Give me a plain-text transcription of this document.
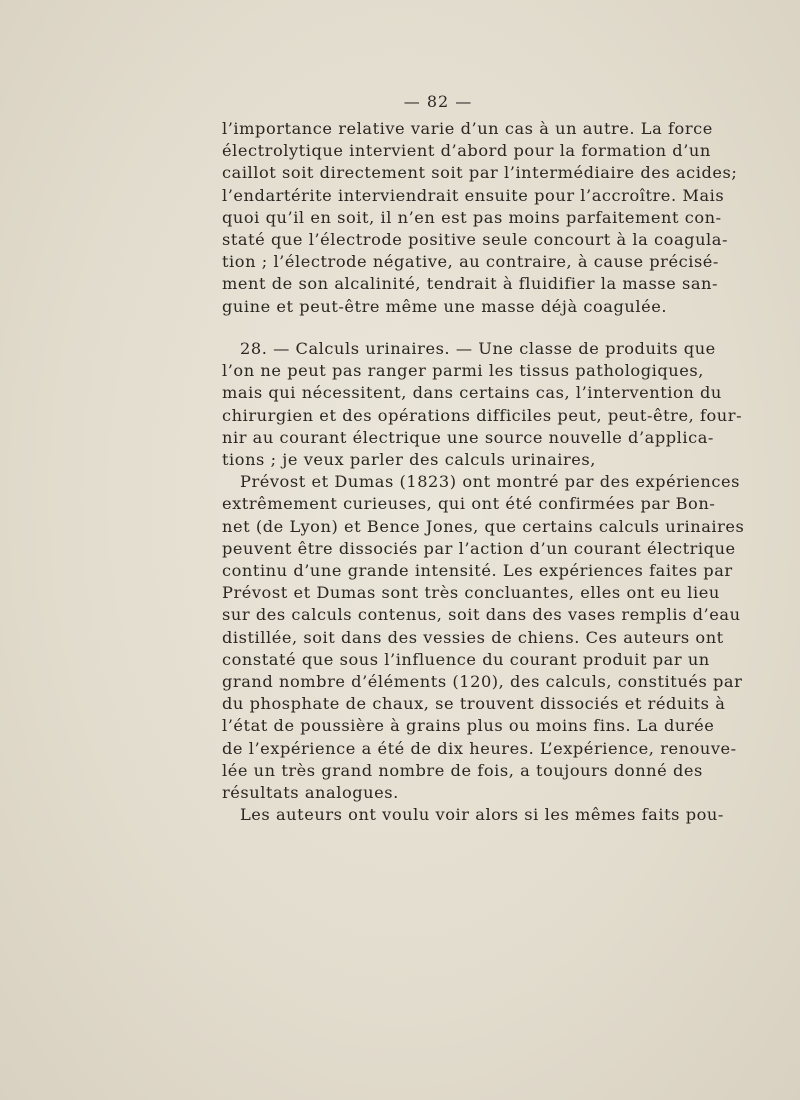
— 82 —
l’importance relative varie d’un cas à un autre. La force
électrolytique intervient d’abord pour la formation d’un
caillot soit directement soit par l’intermédiaire des acides;
l’endartérite interviendrait ensuite pour l’accroître. Mais
quoi qu’il en soit, il n’en est pas moins parfaitement con-
staté que l’électrode positive seule concourt à la coagula-
tion ; l’électrode négative, au contraire, à cause précisé-
ment de son alcalinité, tendrait à fluidifier la masse san-
guine et peut-être même une masse déjà coagulée.
28. — Calculs urinaires. — Une classe de produits que
l’on ne peut pas ranger parmi les tissus pathologiques,
mais qui nécessitent, dans certains cas, l’intervention du
chirurgien et des opérations difficiles peut, peut-être, four-
nir au courant électrique une source nouvelle d’applica-
tions ; je veux parler des calculs urinaires,
Prévost et Dumas (1823) ont montré par des expériences
extrêmement curieuses, qui ont été confirmées par Bon-
net (de Lyon) et Bence Jones, que certains calculs urinaires
peuvent être dissociés par l’action d’un courant électrique
continu d’une grande intensité. Les expériences faites par
Prévost et Dumas sont très concluantes, elles ont eu lieu
sur des calculs contenus, soit dans des vases remplis d’eau
distillée, soit dans des vessies de chiens. Ces auteurs ont
constaté que sous l’influence du courant produit par un
grand nombre d’éléments (120), des calculs, constitués par
du phosphate de chaux, se trouvent dissociés et réduits à
l’état de poussière à grains plus ou moins fins. La durée
de l’expérience a été de dix heures. L’expérience, renouve-
lée un très grand nombre de fois, a toujours donné des
résultats analogues.
Les auteurs ont voulu voir alors si les mêmes faits pou-
